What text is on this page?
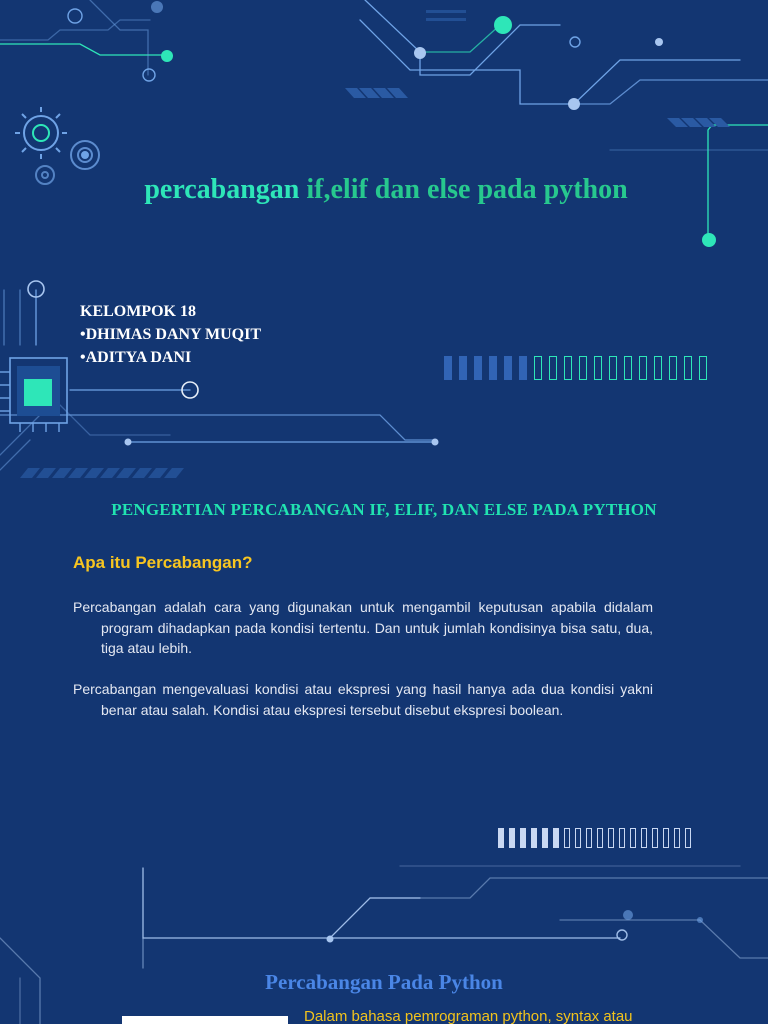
percabangan if,elif dan else pada python
KELOMPOK 18
•DHIMAS DANY MUQIT
•ADITYA DANI
PENGERTIAN PERCABANGAN IF, ELIF, DAN ELSE PADA PYTHON
Apa itu Percabangan?

Percabangan adalah cara yang digunakan untuk mengambil keputusan apabila didalam program dihadapkan pada kondisi tertentu. Dan untuk jumlah kondisinya bisa satu, dua, tiga atau lebih.

Percabangan mengevaluasi kondisi atau ekspresi yang hasil hanya ada dua kondisi yakni benar atau salah. Kondisi atau ekspresi tersebut disebut ekspresi boolean.

Percabangan Pada Python

Dalam bahasa pemrograman python, syntax atau
